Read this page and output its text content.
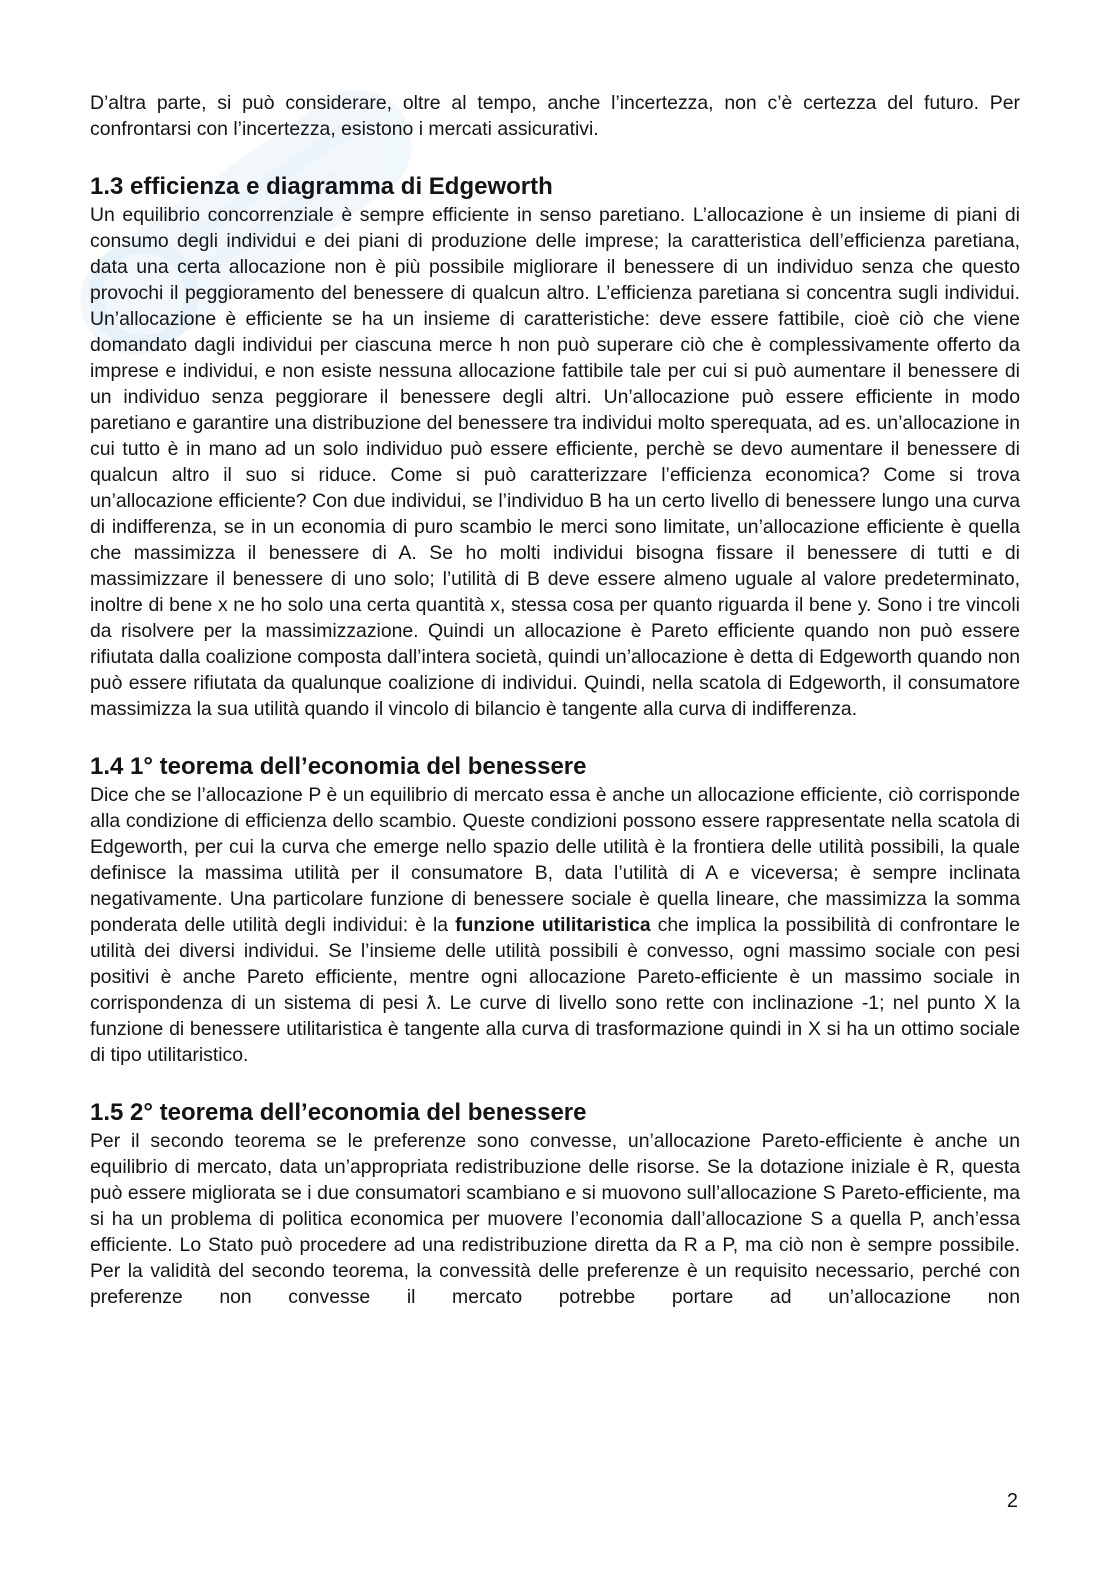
D’altra parte, si può considerare, oltre al tempo, anche l’incertezza, non c’è certezza del futuro. Per confrontarsi con l’incertezza, esistono i mercati assicurativi.

1.3 efficienza e diagramma di Edgeworth

Un equilibrio concorrenziale è sempre efficiente in senso paretiano. L’allocazione è un insieme di piani di consumo degli individui e dei piani di produzione delle imprese; la caratteristica dell’efficienza paretiana, data una certa allocazione non è più possibile migliorare il benessere di un individuo senza che questo provochi il peggioramento del benessere di qualcun altro. L’efficienza paretiana si concentra sugli individui. Un’allocazione è efficiente se ha un insieme di caratteristiche: deve essere fattibile, cioè ciò che viene domandato dagli individui per ciascuna merce h non può superare ciò che è complessivamente offerto da imprese e individui, e non esiste nessuna allocazione fattibile tale per cui si può aumentare il benessere di un individuo senza peggiorare il benessere degli altri. Un’allocazione può essere efficiente in modo paretiano e garantire una distribuzione del benessere tra individui molto sperequata, ad es. un’allocazione in cui tutto è in mano ad un solo individuo può essere efficiente, perchè se devo aumentare il benessere di qualcun altro il suo si riduce. Come si può caratterizzare l’efficienza economica? Come si trova un’allocazione efficiente? Con due individui, se l’individuo B ha un certo livello di benessere lungo una curva di indifferenza, se in un economia di puro scambio le merci sono limitate, un’allocazione efficiente è quella che massimizza il benessere di A. Se ho molti individui bisogna fissare il benessere di tutti e di massimizzare il benessere di uno solo; l’utilità di B deve essere almeno uguale al valore predeterminato, inoltre di bene x ne ho solo una certa quantità x, stessa cosa per quanto riguarda il bene y. Sono i tre vincoli da risolvere per la massimizzazione. Quindi un allocazione è Pareto efficiente quando non può essere rifiutata dalla coalizione composta dall’intera società, quindi un’allocazione è detta di Edgeworth quando non può essere rifiutata da qualunque coalizione di individui. Quindi, nella scatola di Edgeworth, il consumatore massimizza la sua utilità quando il vincolo di bilancio è tangente alla curva di indifferenza.

1.4 1° teorema dell’economia del benessere

Dice che se l’allocazione P è un equilibrio di mercato essa è anche un allocazione efficiente, ciò corrisponde alla condizione di efficienza dello scambio. Queste condizioni possono essere rappresentate nella scatola di Edgeworth, per cui la curva che emerge nello spazio delle utilità è la frontiera delle utilità possibili, la quale definisce la massima utilità per il consumatore B, data l’utilità di A e viceversa; è sempre inclinata negativamente. Una particolare funzione di benessere sociale è quella lineare, che massimizza la somma ponderata delle utilità degli individui: è la funzione utilitaristica che implica la possibilità di confrontare le utilità dei diversi individui. Se l’insieme delle utilità possibili è convesso, ogni massimo sociale con pesi positivi è anche Pareto efficiente, mentre ogni allocazione Pareto-efficiente è un massimo sociale in corrispondenza di un sistema di pesi ƛ. Le curve di livello sono rette con inclinazione -1; nel punto X la funzione di benessere utilitaristica è tangente alla curva di trasformazione quindi in X si ha un ottimo sociale di tipo utilitaristico.

1.5 2° teorema dell’economia del benessere

Per il secondo teorema se le preferenze sono convesse, un’allocazione Pareto-efficiente è anche un equilibrio di mercato, data un’appropriata redistribuzione delle risorse. Se la dotazione iniziale è R, questa può essere migliorata se i due consumatori scambiano e si muovono sull’allocazione S Pareto-efficiente, ma si ha un problema di politica economica per muovere l’economia dall’allocazione S a quella P, anch’essa efficiente. Lo Stato può procedere ad una redistribuzione diretta da R a P, ma ciò non è sempre possibile. Per la validità del secondo teorema, la convessità delle preferenze è un requisito necessario, perché con preferenze non convesse il mercato potrebbe portare ad un’allocazione non

2
